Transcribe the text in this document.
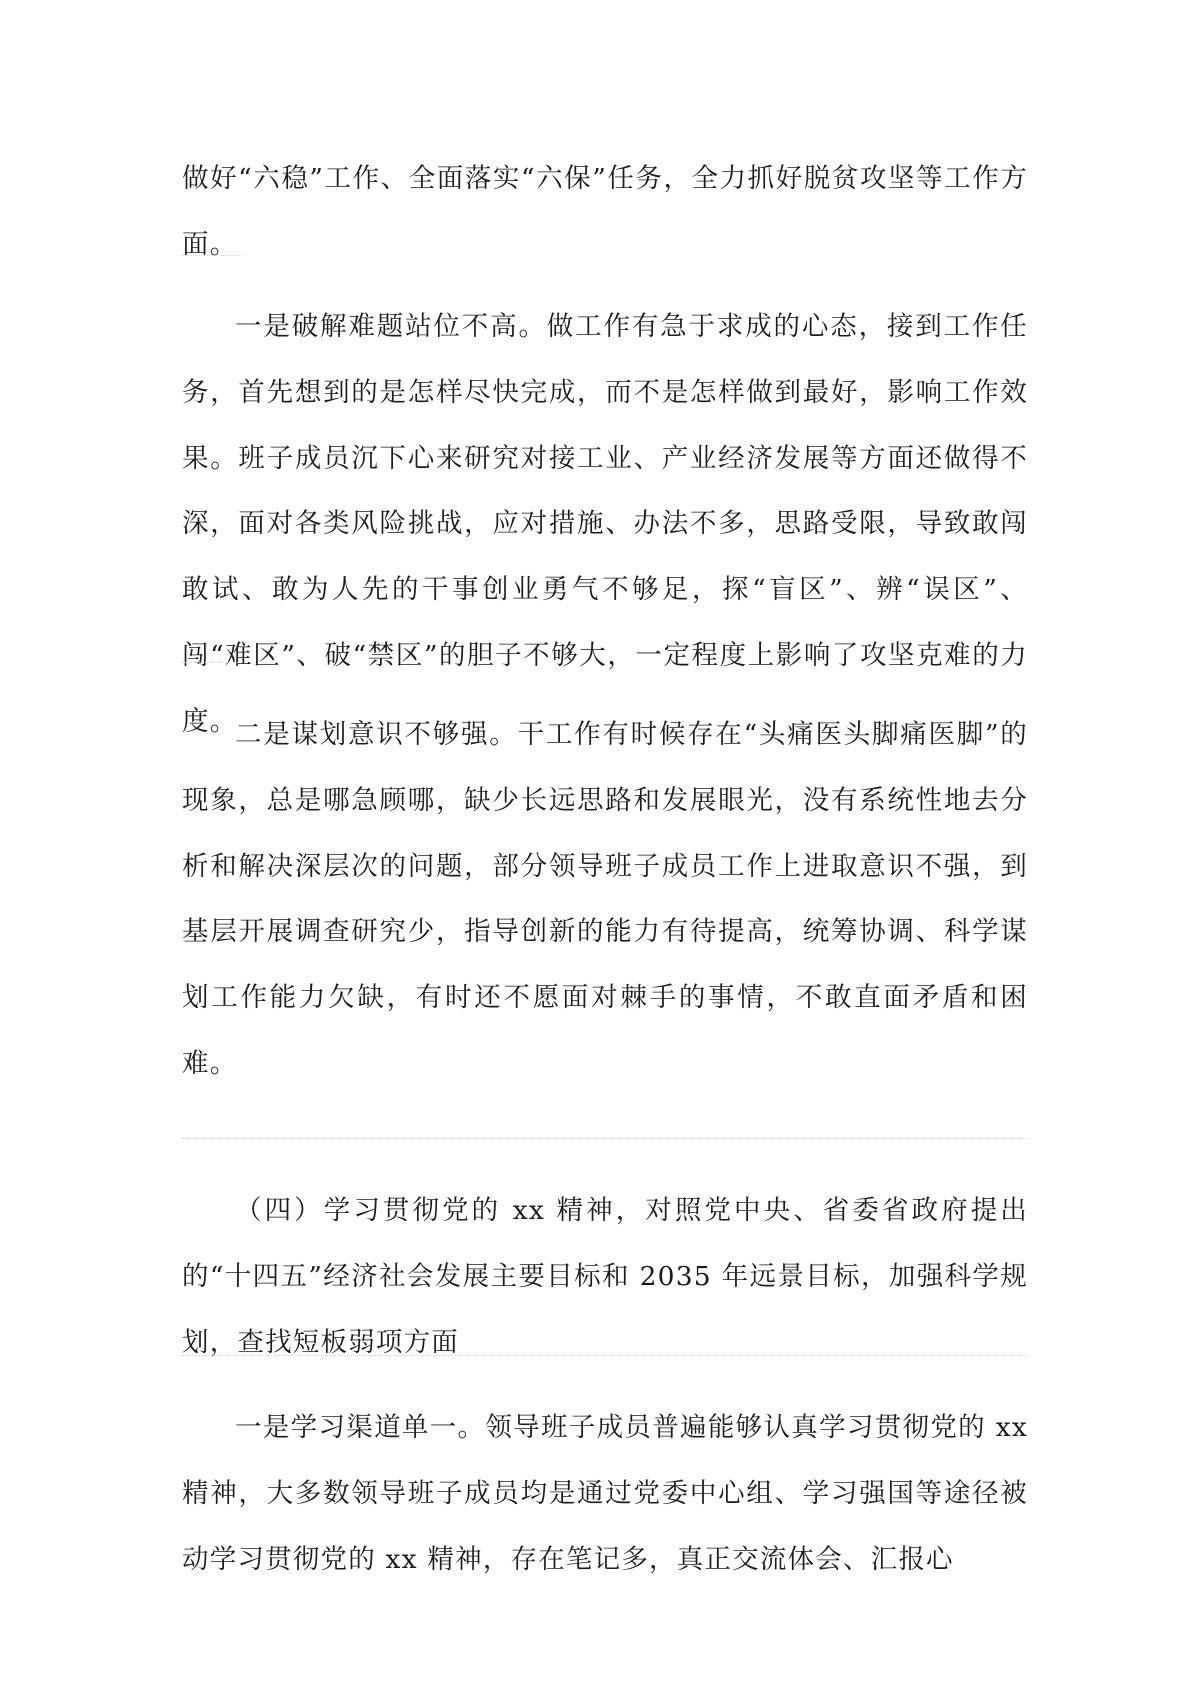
做好“六稳”工作、全面落实“六保”任务，全力抓好脱贫攻坚等工作方面。

一是破解难题站位不高。做工作有急于求成的心态，接到工作任务，首先想到的是怎样尽快完成，而不是怎样做到最好，影响工作效果。班子成员沉下心来研究对接工业、产业经济发展等方面还做得不深，面对各类风险挑战，应对措施、办法不多，思路受限，导致敢闯敢试、敢为人先的干事创业勇气不够足，探“盲区”、辨“误区”、闯“难区”、破“禁区”的胆子不够大，一定程度上影响了攻坚克难的力度。

二是谋划意识不够强。干工作有时候存在“头痛医头脚痛医脚”的现象，总是哪急顾哪，缺少长远思路和发展眼光，没有系统性地去分析和解决深层次的问题，部分领导班子成员工作上进取意识不强，到基层开展调查研究少，指导创新的能力有待提高，统筹协调、科学谋划工作能力欠缺，有时还不愿面对棘手的事情，不敢直面矛盾和困难。

（四）学习贯彻党的 xx 精神，对照党中央、省委省政府提出的“十四五”经济社会发展主要目标和 2035 年远景目标，加强科学规划，查找短板弱项方面

一是学习渠道单一。领导班子成员普遍能够认真学习贯彻党的 xx 精神，大多数领导班子成员均是通过党委中心组、学习强国等途径被动学习贯彻党的 xx 精神，存在笔记多，真正交流体会、汇报心
